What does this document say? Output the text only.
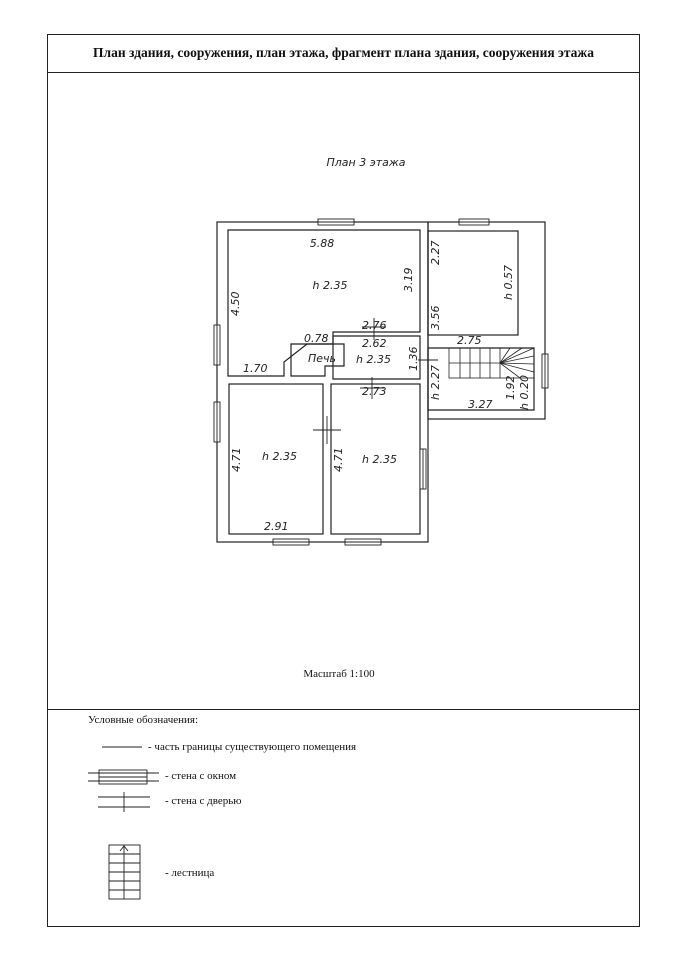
План здания, сооружения, план этажа, фрагмент плана здания, сооружения этажа
План 3 этажа
5.88
h 2.35	3.19
4.50
0.78
2.76
2.62
Печь h 2.35 1.36
1.70
2.73
2.27
h 0.57
3.56
2.75
h 2.27	1.92 h 0.20
3.27
4.71 h 2.35	4.71 h 2.35
2.91
Масштаб 1:100
Условные обозначения:
- часть границы существующего помещения
- стена с окном
- стена с дверью
- лестница
